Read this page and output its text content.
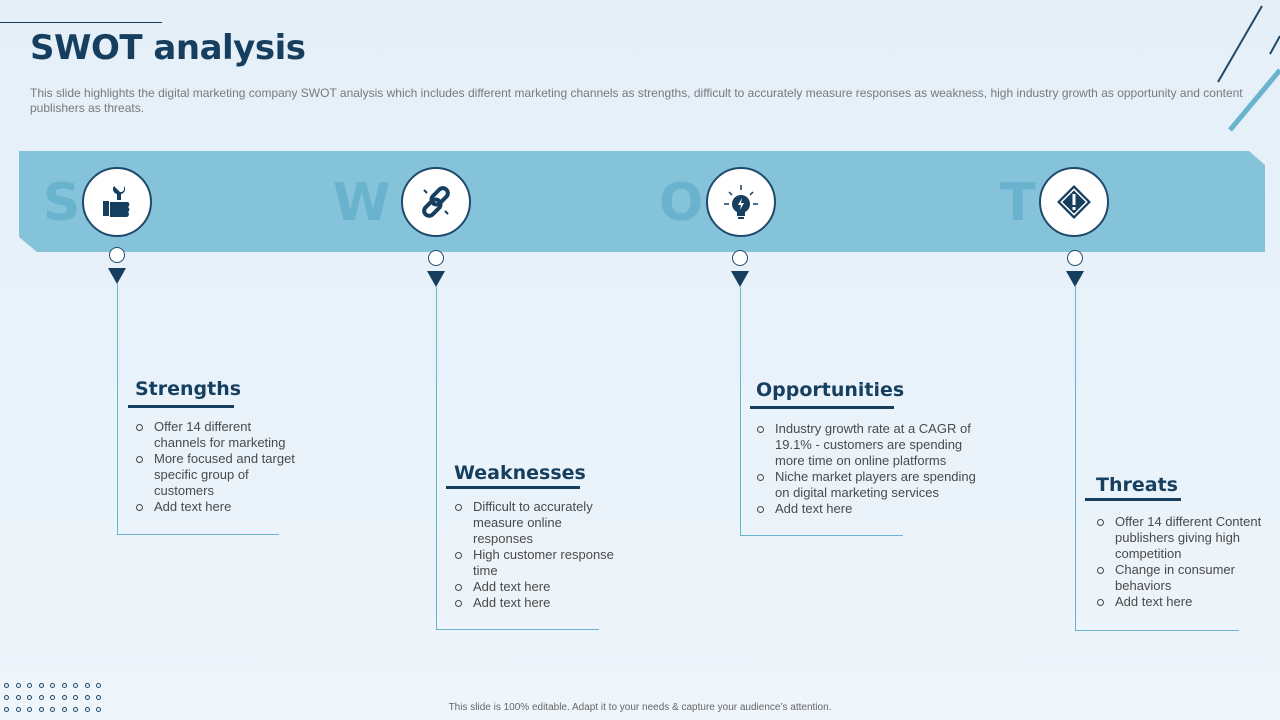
SWOT analysis

This slide highlights the digital marketing company SWOT analysis which includes different marketing channels as strengths, difficult to accurately measure responses as weakness, high industry growth as opportunity and content publishers as threats.

S	W	O	T
Strengths
Offer 14 different channels for marketing
More focused and target specific group of customers
Add text here
Weaknesses
Difficult to accurately measure online responses
High customer response time
Add text here
Add text here
Opportunities
Industry growth rate at a CAGR of 19.1% - customers are spending more time on online platforms
Niche market players are spending on digital marketing services
Add text here
Threats
Offer 14 different Content publishers giving high competition
Change in consumer behaviors
Add text here
This slide is 100% editable. Adapt it to your needs & capture your audience’s attention.
